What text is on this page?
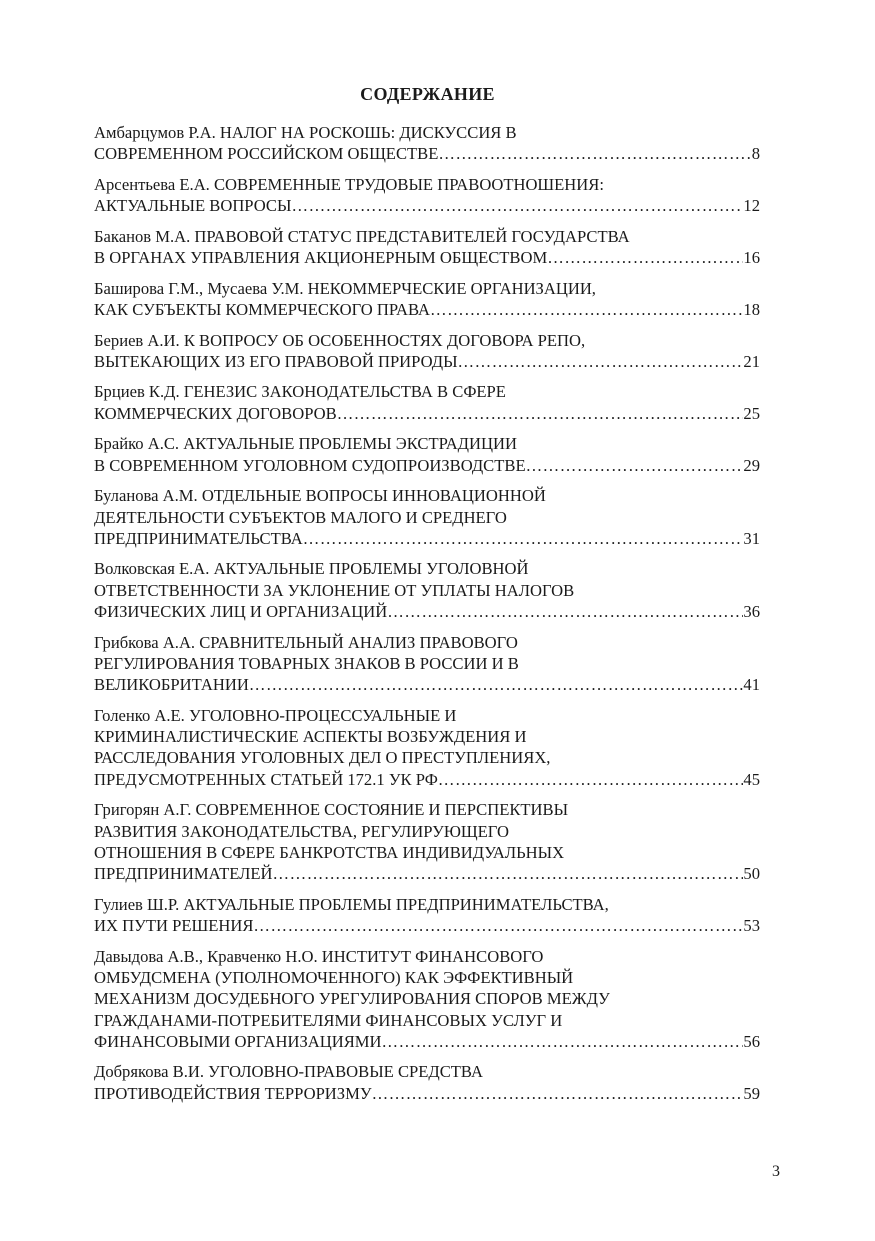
СОДЕРЖАНИЕ
Амбарцумов Р.А. НАЛОГ НА РОСКОШЬ: ДИСКУССИЯ В
СОВРЕМЕННОМ РОССИЙСКОМ ОБЩЕСТВЕ ………………………………………………………………………………………………………………………………………………	8
Арсентьева Е.А. СОВРЕМЕННЫЕ ТРУДОВЫЕ ПРАВООТНОШЕНИЯ:
АКТУАЛЬНЫЕ ВОПРОСЫ ………………………………………………………………………………………………………………………………………………	12
Баканов М.А. ПРАВОВОЙ СТАТУС ПРЕДСТАВИТЕЛЕЙ ГОСУДАРСТВА
В ОРГАНАХ УПРАВЛЕНИЯ АКЦИОНЕРНЫМ ОБЩЕСТВОМ ………………………………………………………………………………………………………………………………………………	16
Баширова Г.М., Мусаева У.М. НЕКОММЕРЧЕСКИЕ ОРГАНИЗАЦИИ,
КАК СУБЪЕКТЫ КОММЕРЧЕСКОГО ПРАВА ………………………………………………………………………………………………………………………………………………	18
Бериев А.И. К ВОПРОСУ ОБ ОСОБЕННОСТЯХ ДОГОВОРА РЕПО,
ВЫТЕКАЮЩИХ ИЗ ЕГО ПРАВОВОЙ ПРИРОДЫ ………………………………………………………………………………………………………………………………………………	21
Брциев К.Д. ГЕНЕЗИС ЗАКОНОДАТЕЛЬСТВА В СФЕРЕ
КОММЕРЧЕСКИХ ДОГОВОРОВ ………………………………………………………………………………………………………………………………………………	25
Брайко А.С. АКТУАЛЬНЫЕ ПРОБЛЕМЫ ЭКСТРАДИЦИИ
В СОВРЕМЕННОМ УГОЛОВНОМ СУДОПРОИЗВОДСТВЕ ………………………………………………………………………………………………………………………………………………	29
Буланова А.М. ОТДЕЛЬНЫЕ ВОПРОСЫ ИННОВАЦИОННОЙ
ДЕЯТЕЛЬНОСТИ СУБЪЕКТОВ МАЛОГО И СРЕДНЕГО
ПРЕДПРИНИМАТЕЛЬСТВА ………………………………………………………………………………………………………………………………………………	31
Волковская Е.А. АКТУАЛЬНЫЕ ПРОБЛЕМЫ УГОЛОВНОЙ
ОТВЕТСТВЕННОСТИ ЗА УКЛОНЕНИЕ ОТ УПЛАТЫ НАЛОГОВ
ФИЗИЧЕСКИХ ЛИЦ И ОРГАНИЗАЦИЙ ………………………………………………………………………………………………………………………………………………	36
Грибкова А.А. СРАВНИТЕЛЬНЫЙ АНАЛИЗ ПРАВОВОГО
РЕГУЛИРОВАНИЯ ТОВАРНЫХ ЗНАКОВ В РОССИИ И В
ВЕЛИКОБРИТАНИИ ………………………………………………………………………………………………………………………………………………	41
Голенко А.Е. УГОЛОВНО-ПРОЦЕССУАЛЬНЫЕ И
КРИМИНАЛИСТИЧЕСКИЕ АСПЕКТЫ ВОЗБУЖДЕНИЯ И
РАССЛЕДОВАНИЯ УГОЛОВНЫХ ДЕЛ О ПРЕСТУПЛЕНИЯХ,
ПРЕДУСМОТРЕННЫХ СТАТЬЕЙ 172.1 УК РФ ………………………………………………………………………………………………………………………………………………	45
Григорян А.Г. СОВРЕМЕННОЕ СОСТОЯНИЕ И ПЕРСПЕКТИВЫ
РАЗВИТИЯ ЗАКОНОДАТЕЛЬСТВА, РЕГУЛИРУЮЩЕГО
ОТНОШЕНИЯ В СФЕРЕ БАНКРОТСТВА ИНДИВИДУАЛЬНЫХ
ПРЕДПРИНИМАТЕЛЕЙ ………………………………………………………………………………………………………………………………………………	50
Гулиев Ш.Р. АКТУАЛЬНЫЕ ПРОБЛЕМЫ ПРЕДПРИНИМАТЕЛЬСТВА,
ИХ ПУТИ РЕШЕНИЯ ………………………………………………………………………………………………………………………………………………	53
Давыдова А.В., Кравченко Н.О. ИНСТИТУТ ФИНАНСОВОГО
ОМБУДСМЕНА (УПОЛНОМОЧЕННОГО) КАК ЭФФЕКТИВНЫЙ
МЕХАНИЗМ ДОСУДЕБНОГО УРЕГУЛИРОВАНИЯ СПОРОВ МЕЖДУ
ГРАЖДАНАМИ-ПОТРЕБИТЕЛЯМИ ФИНАНСОВЫХ УСЛУГ И
ФИНАНСОВЫМИ ОРГАНИЗАЦИЯМИ ………………………………………………………………………………………………………………………………………………	56
Добрякова В.И. УГОЛОВНО-ПРАВОВЫЕ СРЕДСТВА
ПРОТИВОДЕЙСТВИЯ ТЕРРОРИЗМУ ………………………………………………………………………………………………………………………………………………	59
3
